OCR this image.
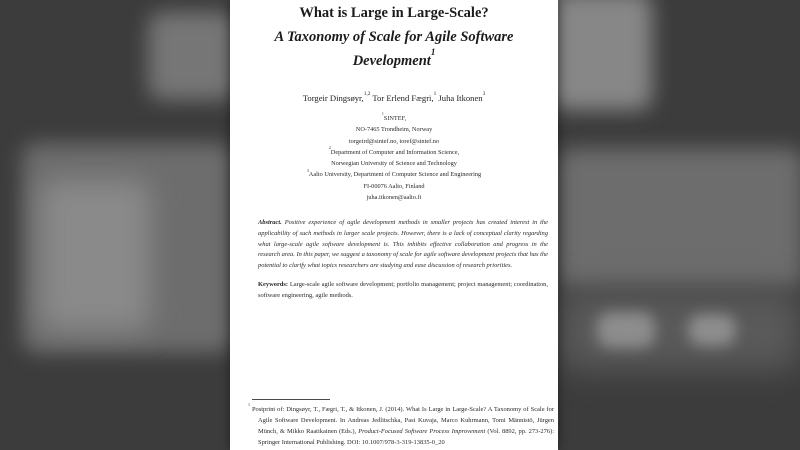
What is Large in Large-Scale?
A Taxonomy of Scale for Agile Software
Development$^1$
Torgeir Dingsøyr,$^{1,2}$ Tor Erlend Fægri,$^1$ Juha Itkonen$^3$
$^1$SINTEF,
NO-7465 Trondheim, Norway
torgeird@sintef.no, toref@sintef.no
$^2$Department of Computer and Information Science,
Norwegian University of Science and Technology
$^3$Aalto University, Department of Computer Science and Engineering
FI-00076 Aalto, Finland
juha.itkonen@aalto.fi
Abstract. Positive experience of agile development methods in smaller projects has created interest in the applicability of such methods in larger scale projects. However, there is a lack of conceptual clarity regarding what large-scale agile software development is. This inhibits effective collaboration and progress in the research area. In this paper, we suggest a taxonomy of scale for agile software development projects that has the potential to clarify what topics researchers are studying and ease discussion of research priorities.
Keywords: Large-scale agile software development; portfolio management; project management; coordination, software engineering, agile methods.
$^1$ Postprint of: Dingsøyr, T., Fægri, T., & Itkonen, J. (2014). What Is Large in Large-Scale? A Taxonomy of Scale for Agile Software Development. In Andreas Jedlitschka, Pasi Kuvaja, Marco Kuhrmann, Tomi Männistö, Jürgen Münch, & Mikko Raatikainen (Eds.), Product-Focused Software Process Improvement (Vol. 8892, pp. 273-276): Springer International Publishing. DOI: 10.1007/978-3-319-13835-0_20
